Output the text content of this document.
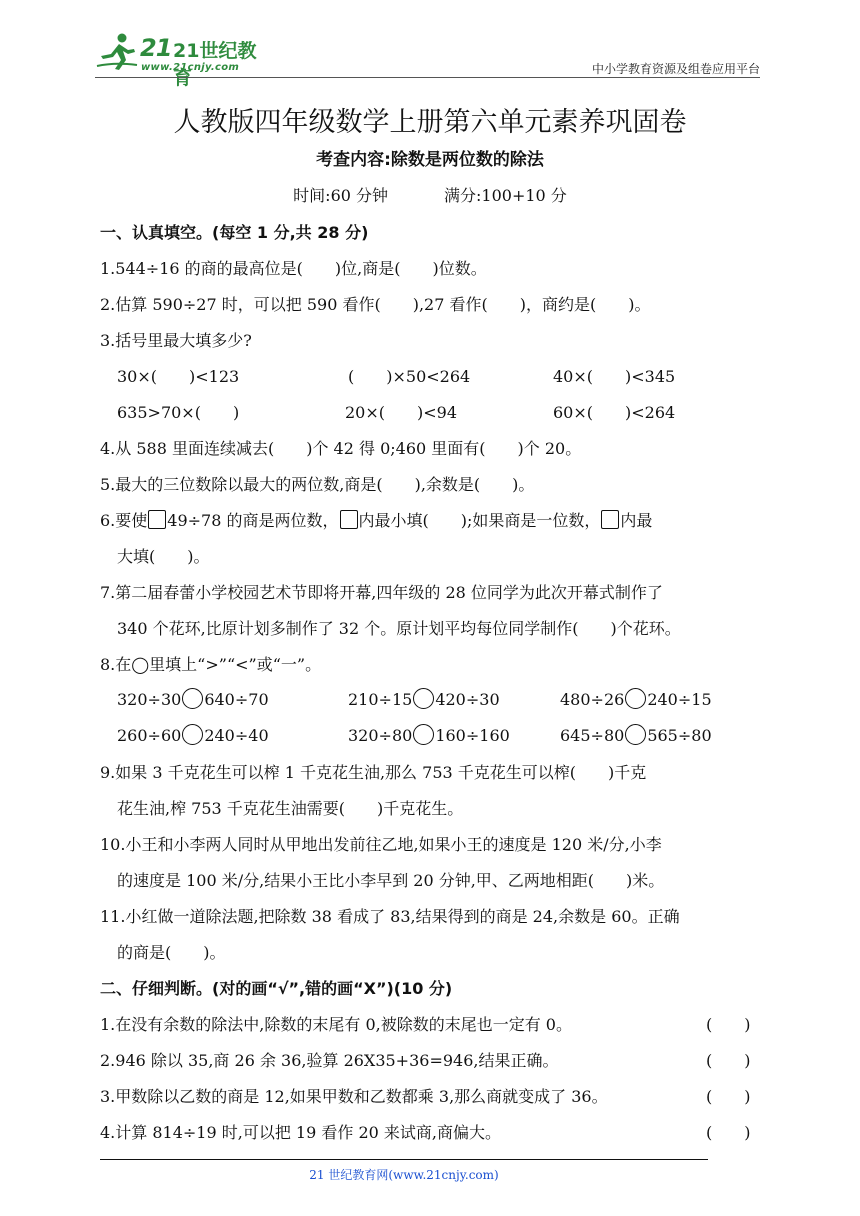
21 21世纪教育
www.21cnjy.com	中小学教育资源及组卷应用平台
人教版四年级数学上册第六单元素养巩固卷
考查内容:除数是两位数的除法
时间:60 分钟	满分:100+10 分
一、认真填空。(每空 1 分,共 28 分)
1.544÷16 的商的最高位是(　　)位,商是(　　)位数。
2.估算 590÷27 时，可以把 590 看作(　　),27 看作(　　)，商约是(　　)。
3.括号里最大填多少?
30×(　　)<123	(　　)×50<264	40×(　　)<345
635>70×(　　)	20×(　　)<94	60×(　　)<264
4.从 588 里面连续减去(　　)个 42 得 0;460 里面有(　　)个 20。
5.最大的三位数除以最大的两位数,商是(　　),余数是(　　)。
6.要使 49÷78 的商是两位数， 内最小填(　　);如果商是一位数， 内最
大填(　　)。
7.第二届春蕾小学校园艺术节即将开幕,四年级的 28 位同学为此次开幕式制作了
340 个花环,比原计划多制作了 32 个。原计划平均每位同学制作(　　)个花环。
8.在◯里填上“>”“<”或“一”。
320÷30 640÷70	210÷15 420÷30	480÷26 240÷15
260÷60 240÷40	320÷80 160÷160	645÷80 565÷80
9.如果 3 千克花生可以榨 1 千克花生油,那么 753 千克花生可以榨(　　)千克
花生油,榨 753 千克花生油需要(　　)千克花生。
10.小王和小李两人同时从甲地出发前往乙地,如果小王的速度是 120 米/分,小李
的速度是 100 米/分,结果小王比小李早到 20 分钟,甲、乙两地相距(　　)米。
11.小红做一道除法题,把除数 38 看成了 83,结果得到的商是 24,余数是 60。正确
的商是(　　)。
二、仔细判断。(对的画“√”,错的画“X”)(10 分)
1.在没有余数的除法中,除数的末尾有 0,被除数的末尾也一定有 0。	(　　)
2.946 除以 35,商 26 余 36,验算 26X35+36=946,结果正确。	(　　)
3.甲数除以乙数的商是 12,如果甲数和乙数都乘 3,那么商就变成了 36。	(　　)
4.计算 814÷19 时,可以把 19 看作 20 来试商,商偏大。	(　　)
21 世纪教育网(www.21cnjy.com)
